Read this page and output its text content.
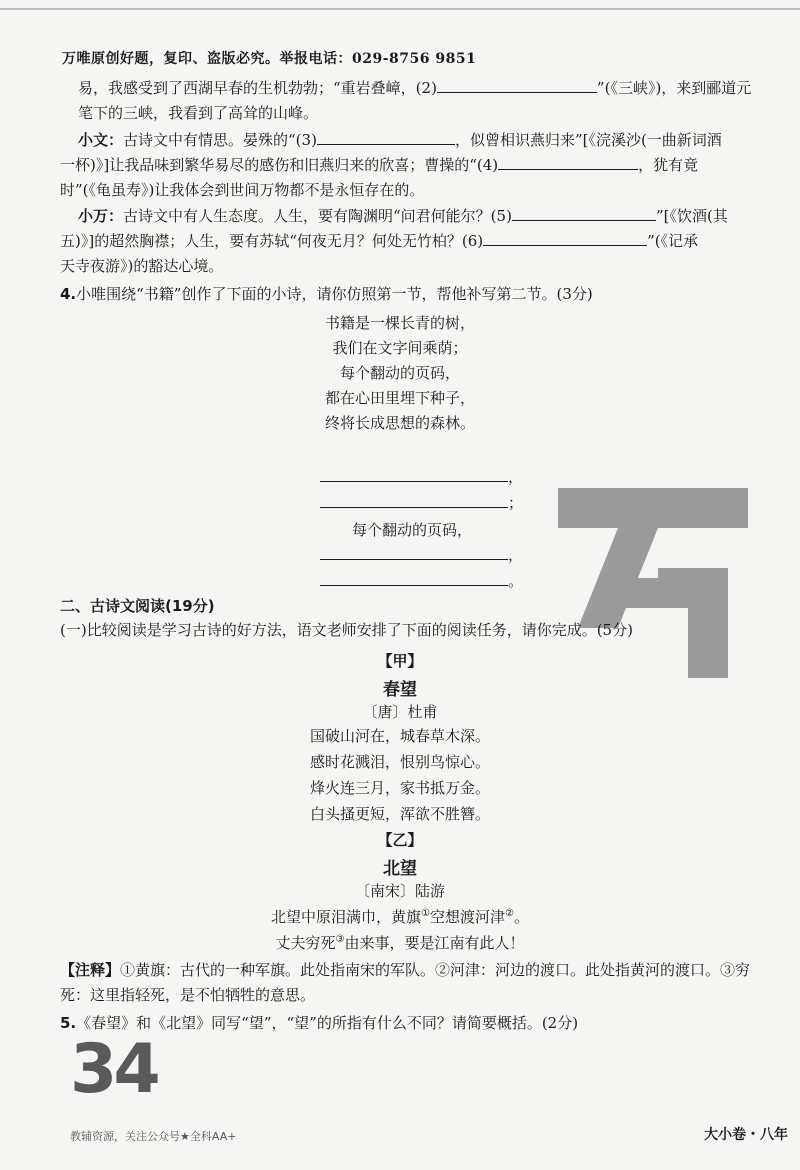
万唯原创好题，复印、盗版必究。举报电话：029-8756 9851
易，我感受到了西湖早春的生机勃勃；“重岩叠嶂，(2)	”(《三峡》)，来到郦道元
笔下的三峡，我看到了高耸的山峰。
小文：古诗文中有情思。晏殊的“(3)	，似曾相识燕归来”[《浣溪沙(一曲新词酒
一杯)》]让我品味到繁华易尽的感伤和旧燕归来的欣喜；曹操的“(4)	，犹有竟
时”(《龟虽寿》)让我体会到世间万物都不是永恒存在的。
小万：古诗文中有人生态度。人生，要有陶渊明“问君何能尔？(5)	”[《饮酒(其
五)》]的超然胸襟；人生，要有苏轼“何夜无月？何处无竹柏？(6)	”(《记承
天寺夜游》)的豁达心境。
4.小唯围绕“书籍”创作了下面的小诗，请你仿照第一节，帮他补写第二节。(3分)
书籍是一棵长青的树，
我们在文字间乘荫；
每个翻动的页码，
都在心田里埋下种子，
终将长成思想的森林。
，
；
每个翻动的页码，
，
。
二、古诗文阅读(19分)
(一)比较阅读是学习古诗的好方法，语文老师安排了下面的阅读任务，请你完成。(5分)
【甲】
春望
〔唐〕杜甫
国破山河在，城春草木深。
感时花溅泪，恨别鸟惊心。
烽火连三月，家书抵万金。
白头搔更短，浑欲不胜簪。
【乙】
北望
〔南宋〕陆游
北望中原泪满巾，黄旗①空想渡河津②。
丈夫穷死③由来事，要是江南有此人！
【注释】①黄旗：古代的一种军旗。此处指南宋的军队。②河津：河边的渡口。此处指黄河的渡口。③穷
死：这里指轻死，是不怕牺牲的意思。
5.《春望》和《北望》同写“望”，“望”的所指有什么不同？请简要概括。(2分)
34
教辅资源，关注公众号★全科AA+	大小卷・八年
